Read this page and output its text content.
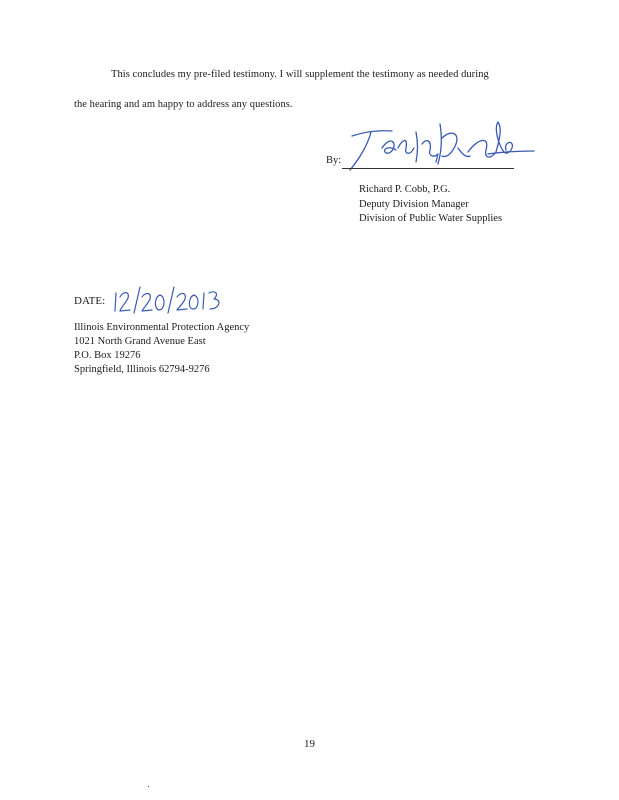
This concludes my pre-filed testimony. I will supplement the testimony as needed during
the hearing and am happy to address any questions.
By:
Richard P. Cobb, P.G.
Deputy Division Manager
Division of Public Water Supplies
DATE:
Illinois Environmental Protection Agency
1021 North Grand Avenue East
P.O. Box 19276
Springfield, Illinois 62794-9276
19
